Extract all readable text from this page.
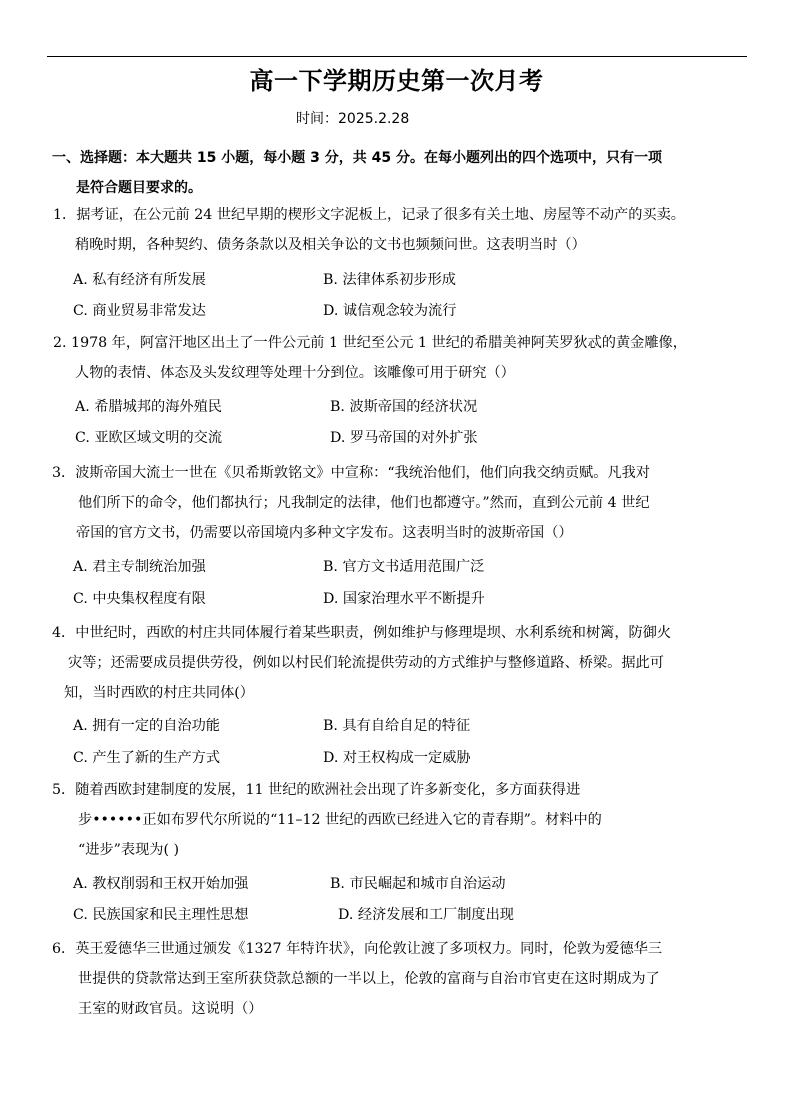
高一下学期历史第一次月考
时间：2025.2.28
一、选择题：本大题共 15 小题，每小题 3 分，共 45 分。在每小题列出的四个选项中，只有一项
是符合题目要求的。
1．据考证，在公元前 24 世纪早期的楔形文字泥板上，记录了很多有关土地、房屋等不动产的买卖。
稍晚时期，各种契约、债务条款以及相关争讼的文书也频频问世。这表明当时（）
A. 私有经济有所发展	B. 法律体系初步形成
C. 商业贸易非常发达	D. 诚信观念较为流行
2. 1978 年，阿富汗地区出土了一件公元前 1 世纪至公元 1 世纪的希腊美神阿芙罗狄忒的黄金雕像，
人物的表情、体态及头发纹理等处理十分到位。该雕像可用于研究（）
A. 希腊城邦的海外殖民	B. 波斯帝国的经济状况
C. 亚欧区域文明的交流	D. 罗马帝国的对外扩张
3．波斯帝国大流士一世在《贝希斯敦铭文》中宣称：“我统治他们，他们向我交纳贡赋。凡我对
他们所下的命令，他们都执行；凡我制定的法律，他们也都遵守。”然而，直到公元前 4 世纪
帝国的官方文书，仍需要以帝国境内多种文字发布。这表明当时的波斯帝国（）
A. 君主专制统治加强	B. 官方文书适用范围广泛
C. 中央集权程度有限	D. 国家治理水平不断提升
4．中世纪时，西欧的村庄共同体履行着某些职责，例如维护与修理堤坝、水利系统和树篱，防御火
灾等；还需要成员提供劳役，例如以村民们轮流提供劳动的方式维护与整修道路、桥梁。据此可
知，当时西欧的村庄共同体(）
A. 拥有一定的自治功能	B. 具有自给自足的特征
C. 产生了新的生产方式	D. 对王权构成一定威胁
5．随着西欧封建制度的发展，11 世纪的欧洲社会出现了许多新变化，多方面获得进
步••••••正如布罗代尔所说的“11–12 世纪的西欧已经进入它的青春期”。材料中的
“进步”表现为( )
A. 教权削弱和王权开始加强	B. 市民崛起和城市自治运动
C. 民族国家和民主理性思想	D. 经济发展和工厂制度出现
6．英王爱德华三世通过颁发《1327 年特许状》，向伦敦让渡了多项权力。同时，伦敦为爱德华三
世提供的贷款常达到王室所获贷款总额的一半以上，伦敦的富商与自治市官吏在这时期成为了
王室的财政官员。这说明（）
